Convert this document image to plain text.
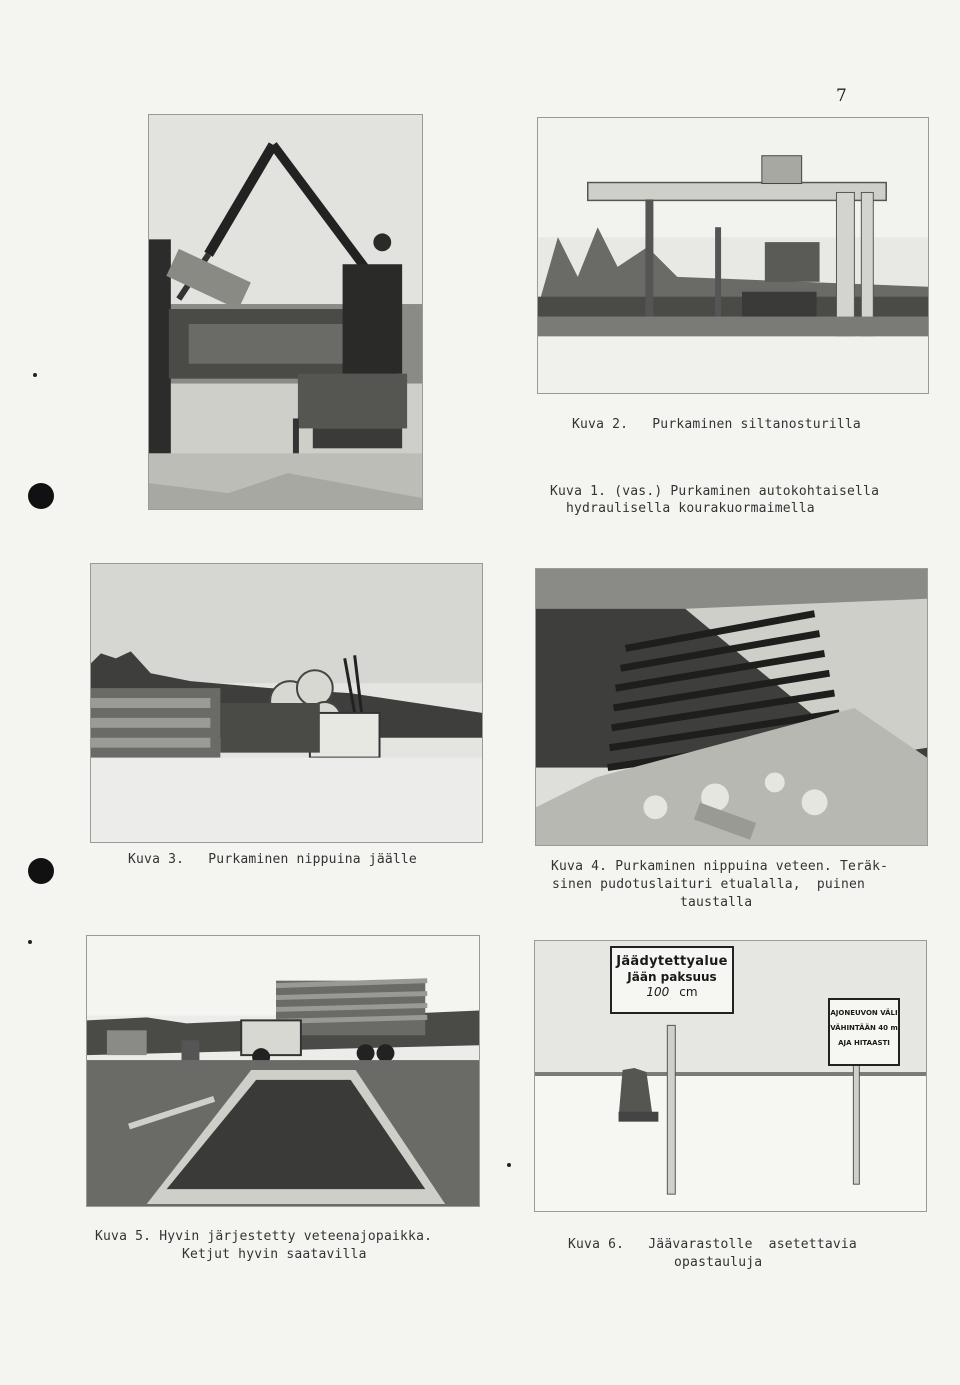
7
Kuva 2.   Purkaminen siltanosturilla
Kuva 1. (vas.) Purkaminen autokohtaisella
hydraulisella kourakuormaimella
Kuva 3.   Purkaminen nippuina jäälle	Kuva 4. Purkaminen nippuina veteen. Teräk-
sinen pudotuslaituri etualalla,  puinen
taustalla
Kuva 5. Hyvin järjestetty veteenajopaikka.
Ketjut hyvin saatavilla
Jäädytettyalue
Jään paksuus
100 cm
AJONEUVON VÄLI
VÄHINTÄÄN 40 m
AJA HITAASTI
Kuva 6.   Jäävarastolle  asetettavia
opastauluja
